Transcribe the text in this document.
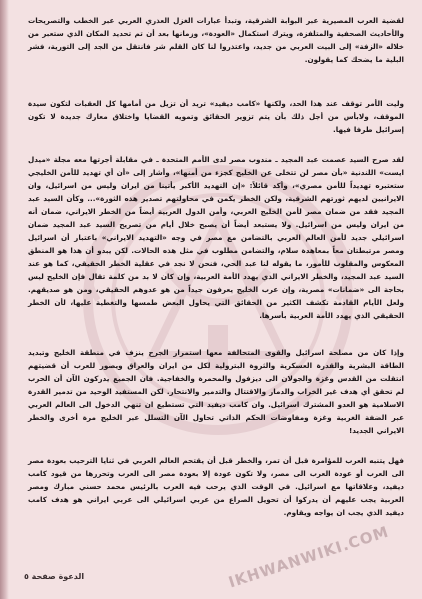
لقضية العرب المصيرية عبر البوابة الشرقية، وتبدأ عبارات الغزل العذري العربي عبر الخطب والتصريحات والأحاديث الصحفية والمتلفزة، ويترك استكمال «العودة»، وزمانها بعد أن تم تحديد المكان الذي ستعبر من خلاله «الزفة» إلى البيت العربي من جديد، واعتذروا لنا كان القلم شر فانتقل من الجد إلى التورية، فشر البلية ما يضحك كما يقولون.

وليت الأمر توقف عند هذا الحد، ولكنها «كامب ديفيد» تريد أن تزيل من أمامها كل العقبات لتكون سيدة الموقف، ولابأس من أجل ذلك بأن يتم تزوير الحقائق وتمويه القضايا واختلاق معارك جديدة لا تكون إسرائيل طرفا فيها.

لقد صرح السيد عصمت عبد المجيد ـ مندوب مصر لدى الأمم المتحدة ـ في مقابلة أجرتها معه مجلة «ميدل ايست» اللندنية «بأن مصر لن تتخلى عن الخليج كجزء من أمنها»، وأشار إلى «أن أي تهديد للأمن الخليجي ستعتبره تهديداً للأمن مصري»، وأكد قائلاً: «إن التهديد الأكبر يأتينا من ايران وليس من اسرائيل، وان الايرانيين لديهم ثورتهم الشرقية، ولكن الخطر يكمن في محاولتهم تصدير هذه الثورة»... وكأن السيد عبد المجيد فقد من ضمان مصر لأمن الخليج العربي، وأمن الدول العربية أيضاً من الخطر الايراني، ضمان أنه من ايران وليس من اسرائيل. ولا يستبعد أيضاً أن يصبح خلال أيام من تصريح السيد عبد المجيد ضمان اسرائيلي جديد لأمن العالم العربي بالتضامن مع مصر في وجه «التهديد الايراني» باعتبار أن اسرائيل ومصر مرتبطتان معاً بمعاهدة سلام، والتضامن مطلوب في مثل هذه الحالات. لكن يبدو أن هذا هو المنطق المعكوس والمقلوب للأمور، ما يقوله لنا عبد الحي، فنحن لا نجد في عقلية الخطر الحقيقي، كما هو عند السيد عبد المجيد، والخطر الايراني الذي يهدد الأمة العربية، وإن كان لا بد من كلمة تقال فإن الخليج ليس بحاجة الى «ضمانات» مصرية، وإن عرب الخليج يعرفون جيداً من هو عدوهم الحقيقي، ومن هو صديقهم. ولعل الأيام القادمة تكشف الكثير من الحقائق التي يحاول البعض طمسها والتغطية عليها، لأن الخطر الحقيقي الذي يهدد الأمة العربية بأسرها.

وإذا كان من مصلحة اسرائيل والقوى المتحالفة معها استمرار الجرح ينزف في منطقة الخليج وتبديد الطاقة البشرية والقدرة العسكرية والثروة البترولية لكل من ايران والعراق ويصور للعرب أن قضيتهم انتقلت من القدس وغزة والجولان الى ديزفول والمحمرة والخفاجية. فان الجميع يدركون الآن أن الحرب لم تحقق أي هدف غير الخراب والدمار والاقتتال والتدمير والانتحار. لكن المستفيد الوحيد من تدمير القدرة الاسلامية هو العدو المشترك اسرائيل. وان كامب ديفيد التي تستطيع ان تنهي الدخول الى العالم العربي عبر الضفة الغربية وغزة ومفاوضات الحكم الذاتي تحاول الآن التسلل عبر الخليج مرة أخرى والخطر الايراني الجديد!

فهل يتنبه العرب للمؤامرة قبل أن تمر، والخطر قبل أن يقتحم العالم العربي في ثنايا الترحيب بعودة مصر الى العرب أو عودة العرب الى مصر، ولا تكون عودة إلا بعودة مصر الى العرب وتحررها من قيود كامب ديفيد، وعلاقاتها مع اسرائيل. في الوقت الذي يرحب فيه العرب بالرئيس محمد حسني مبارك ومصر العربية يجب عليهم أن يدركوا أن تحويل الصراع من عربي اسرائيلي الى عربي ايراني هو هدف كامب ديفيد الذي يجب ان يواجه ويقاوم.

IKHWANWIKI.COM
الدعوة صفحة ٥
